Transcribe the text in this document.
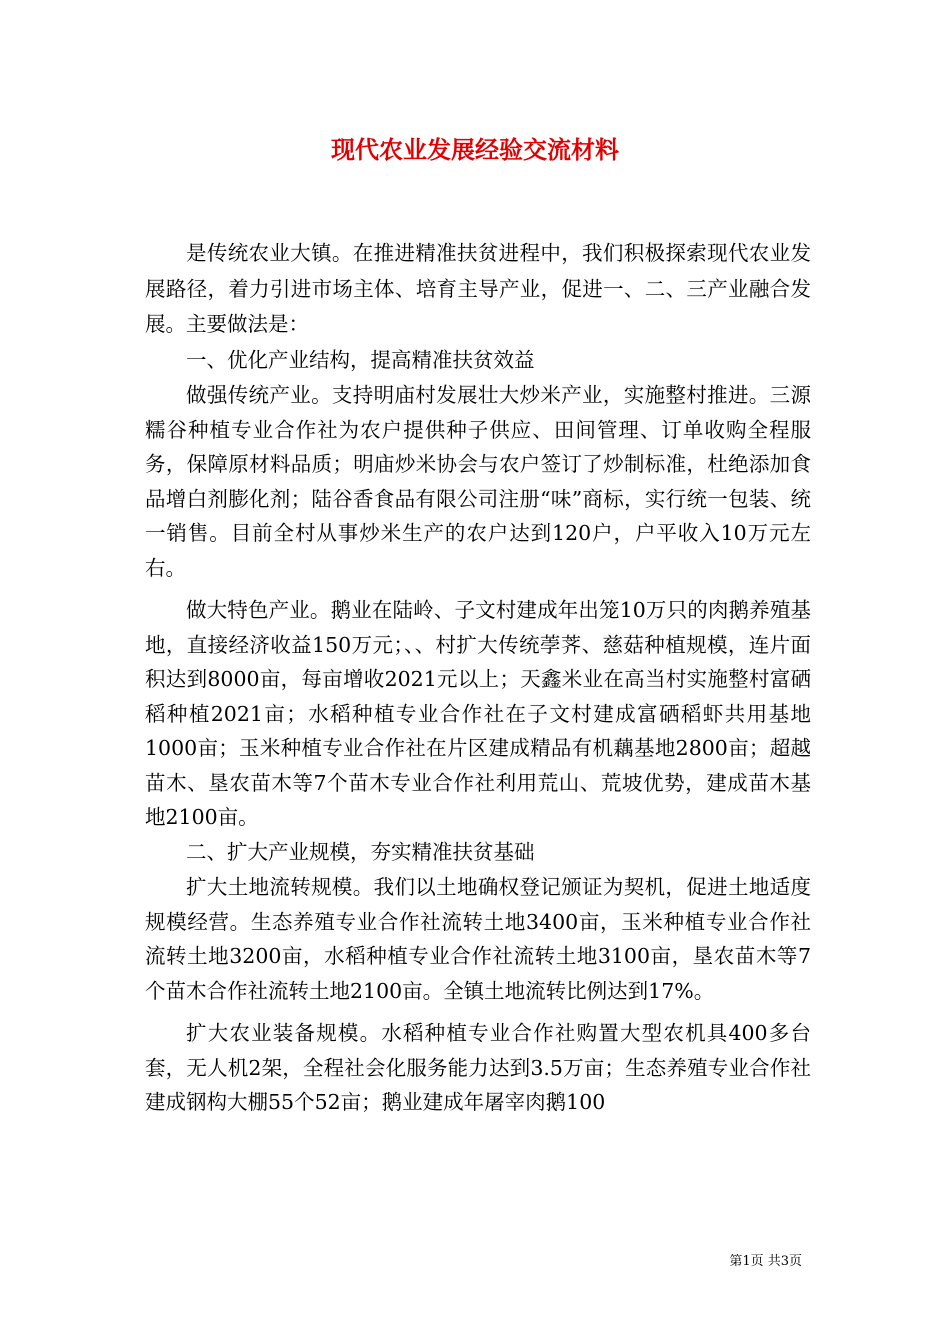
现代农业发展经验交流材料

是传统农业大镇。在推进精准扶贫进程中，我们积极探索现代农业发展路径，着力引进市场主体、培育主导产业，促进一、二、三产业融合发展。主要做法是：

一、优化产业结构，提高精准扶贫效益

做强传统产业。支持明庙村发展壮大炒米产业，实施整村推进。三源糯谷种植专业合作社为农户提供种子供应、田间管理、订单收购全程服务，保障原材料品质；明庙炒米协会与农户签订了炒制标准，杜绝添加食品增白剂膨化剂；陆谷香食品有限公司注册“味”商标，实行统一包装、统一销售。目前全村从事炒米生产的农户达到120户，户平收入10万元左右。

做大特色产业。鹅业在陆岭、子文村建成年出笼10万只的肉鹅养殖基地，直接经济收益150万元；、、村扩大传统荸荠、慈菇种植规模，连片面积达到8000亩，每亩增收2021元以上；天鑫米业在高当村实施整村富硒稻种植2021亩；水稻种植专业合作社在子文村建成富硒稻虾共用基地1000亩；玉米种植专业合作社在片区建成精品有机藕基地2800亩；超越苗木、垦农苗木等7个苗木专业合作社利用荒山、荒坡优势，建成苗木基地2100亩。

二、扩大产业规模，夯实精准扶贫基础

扩大土地流转规模。我们以土地确权登记颁证为契机，促进土地适度规模经营。生态养殖专业合作社流转土地3400亩，玉米种植专业合作社流转土地3200亩，水稻种植专业合作社流转土地3100亩，垦农苗木等7个苗木合作社流转土地2100亩。全镇土地流转比例达到17%。

扩大农业装备规模。水稻种植专业合作社购置大型农机具400多台套，无人机2架，全程社会化服务能力达到3.5万亩；生态养殖专业合作社建成钢构大棚55个52亩；鹅业建成年屠宰肉鹅100

第1页 共3页
